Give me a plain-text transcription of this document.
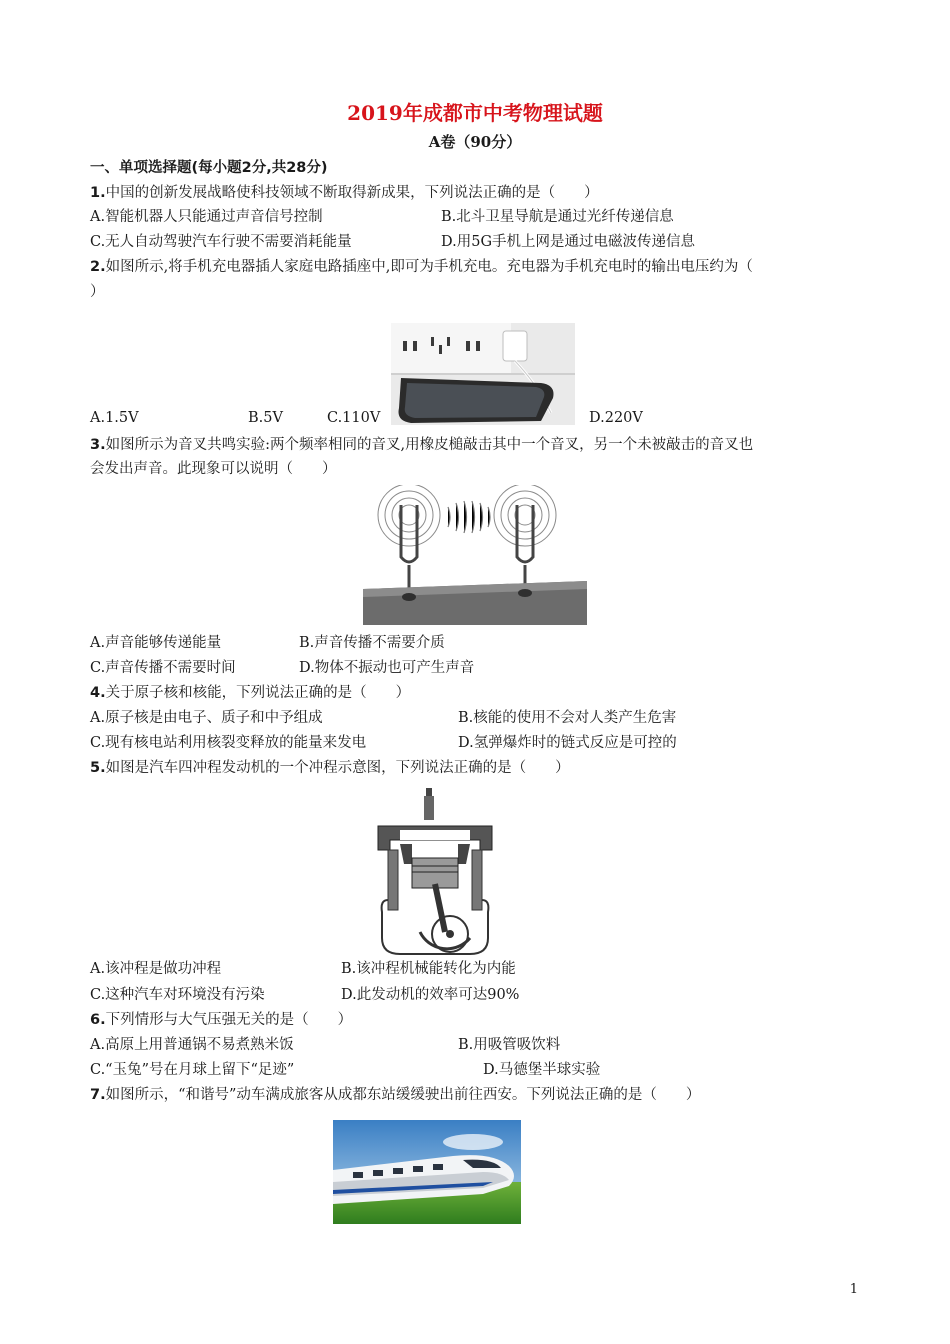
2019年成都市中考物理试题
A卷（90分）
一、单项选择题(每小题2分,共28分)
1.中国的创新发展战略使科技领域不断取得新成果，下列说法正确的是（　　）
A.智能机器人只能通过声音信号控制	B.北斗卫星导航是通过光纤传递信息
C.无人自动驾驶汽车行驶不需要消耗能量	D.用5G手机上网是通过电磁波传递信息
2.如图所示,将手机充电器插人家庭电路插座中,即可为手机充电。充电器为手机充电时的输出电压约为（
）
A.1.5V	B.5V	C.110V	D.220V
3.如图所示为音叉共鸣实验:两个频率相同的音叉,用橡皮槌敲击其中一个音叉，另一个未被敲击的音叉也
会发出声音。此现象可以说明（　　）
A.声音能够传递能量	B.声音传播不需要介质
C.声音传播不需要时间	D.物体不振动也可产生声音
4.关于原子核和核能，下列说法正确的是（　　）
A.原子核是由电子、质子和中予组成	B.核能的使用不会对人类产生危害
C.现有核电站利用核裂变释放的能量来发电	D.氢弹爆炸时的链式反应是可控的
5.如图是汽车四冲程发动机的一个冲程示意图，下列说法正确的是（　　）
A.该冲程是做功冲程	B.该冲程机械能转化为内能
C.这种汽车对环境没有污染	D.此发动机的效率可达90%
6.下列情形与大气压强无关的是（　　）
A.高原上用普通锅不易煮熟米饭	B.用吸管吸饮料
C.“玉兔”号在月球上留下“足迹”	D.马德堡半球实验
7.如图所示，“和谐号”动车满成旅客从成都东站缓缓驶出前往西安。下列说法正确的是（　　）
1
